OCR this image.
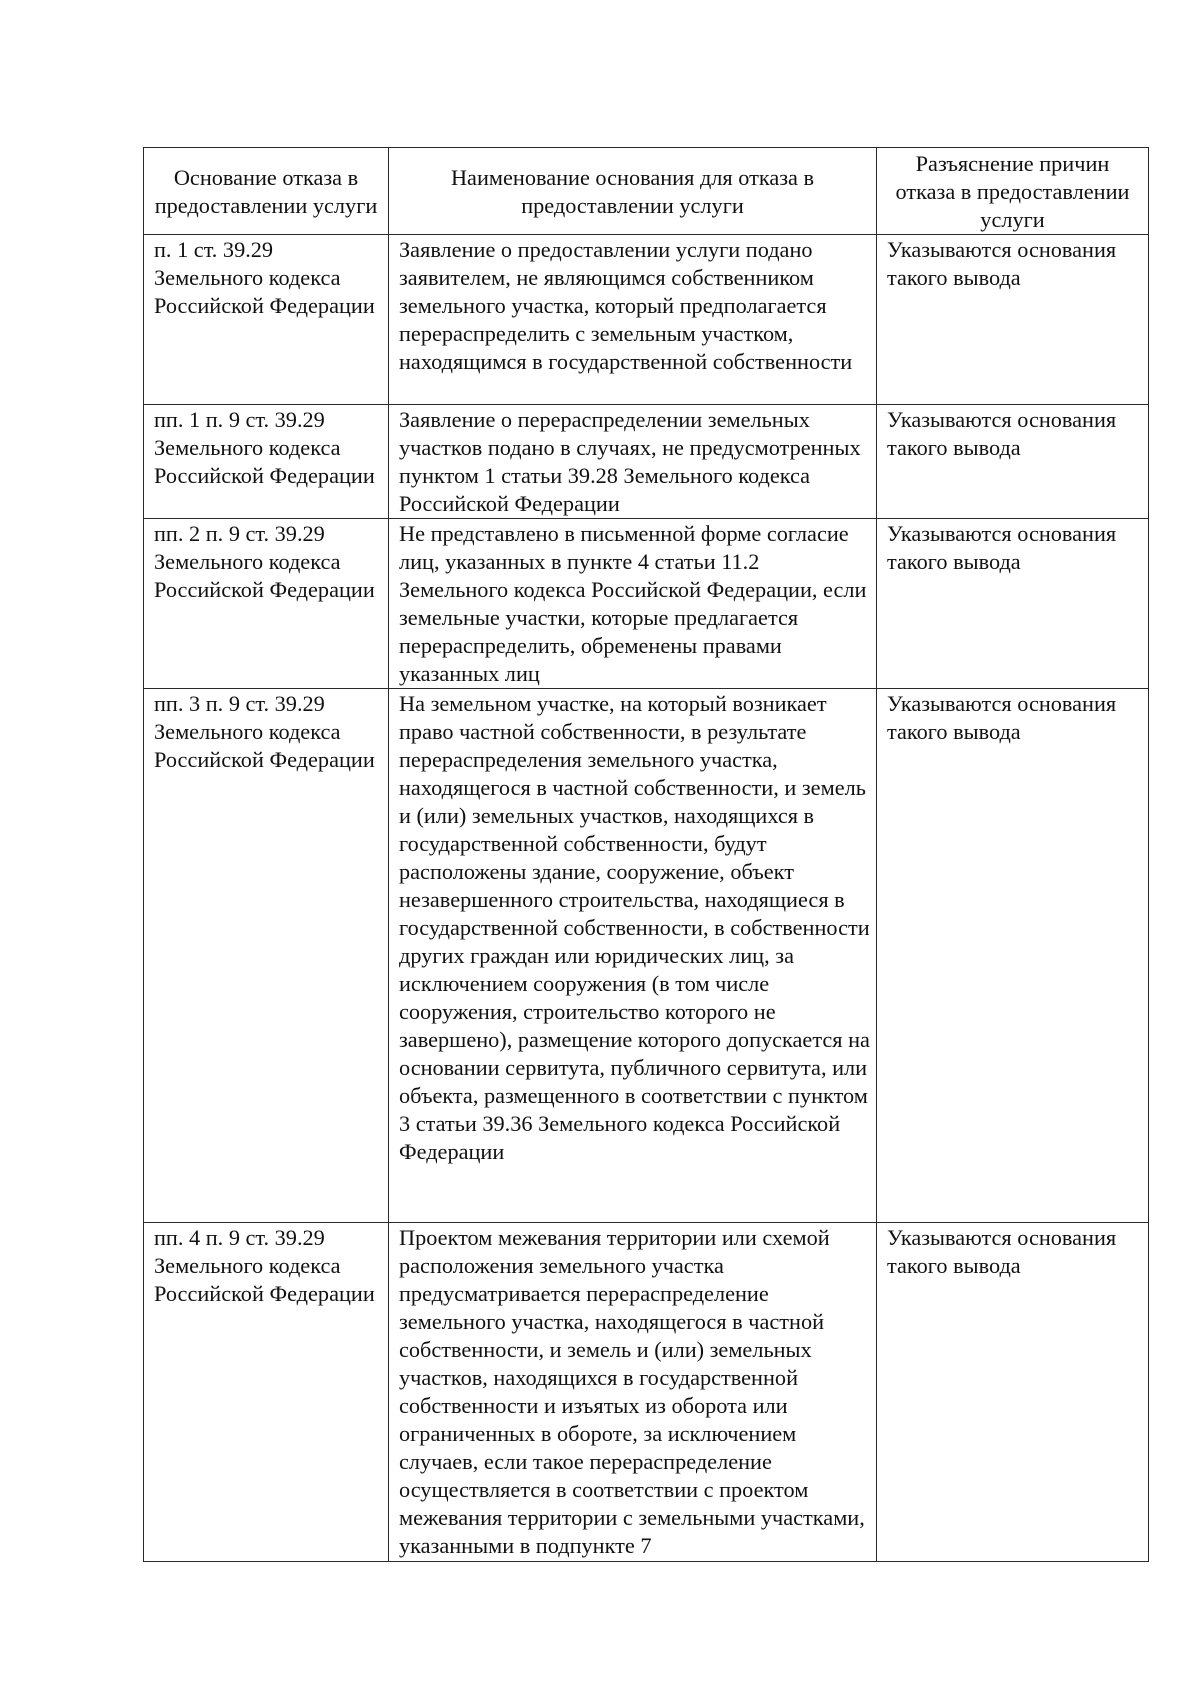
Основание отказа в предоставлении услуги	Наименование основания для отказа в предоставлении услуги	Разъяснение причин отказа в предоставлении услуги

п. 1 ст. 39.29 Земельного кодекса Российской Федерации	Заявление о предоставлении услуги подано заявителем, не являющимся собственником земельного участка, который предполагается перераспределить с земельным участком, находящимся в государственной собственности	Указываются основания такого вывода

пп. 1 п. 9 ст. 39.29 Земельного кодекса Российской Федерации	Заявление о перераспределении земельных участков подано в случаях, не предусмотренных пунктом 1 статьи 39.28 Земельного кодекса Российской Федерации	Указываются основания такого вывода

пп. 2 п. 9 ст. 39.29 Земельного кодекса Российской Федерации	Не представлено в письменной форме согласие лиц, указанных в пункте 4 статьи 11.2 Земельного кодекса Российской Федерации, если земельные участки, которые предлагается перераспределить, обременены правами указанных лиц	Указываются основания такого вывода

пп. 3 п. 9 ст. 39.29 Земельного кодекса Российской Федерации	На земельном участке, на который возникает право частной собственности, в результате перераспределения земельного участка, находящегося в частной собственности, и земель и (или) земельных участков, находящихся в государственной собственности, будут расположены здание, сооружение, объект незавершенного строительства, находящиеся в государственной собственности, в собственности других граждан или юридических лиц, за исключением сооружения (в том числе сооружения, строительство которого не завершено), размещение которого допускается на основании сервитута, публичного сервитута, или объекта, размещенного в соответствии с пунктом 3 статьи 39.36 Земельного кодекса Российской Федерации	Указываются основания такого вывода

пп. 4 п. 9 ст. 39.29 Земельного кодекса Российской Федерации	Проектом межевания территории или схемой расположения земельного участка предусматривается перераспределение земельного участка, находящегося в частной собственности, и земель и (или) земельных участков, находящихся в государственной собственности и изъятых из оборота или ограниченных в обороте, за исключением случаев, если такое перераспределение осуществляется в соответствии с проектом межевания территории с земельными участками, указанными в подпункте 7	Указываются основания такого вывода
